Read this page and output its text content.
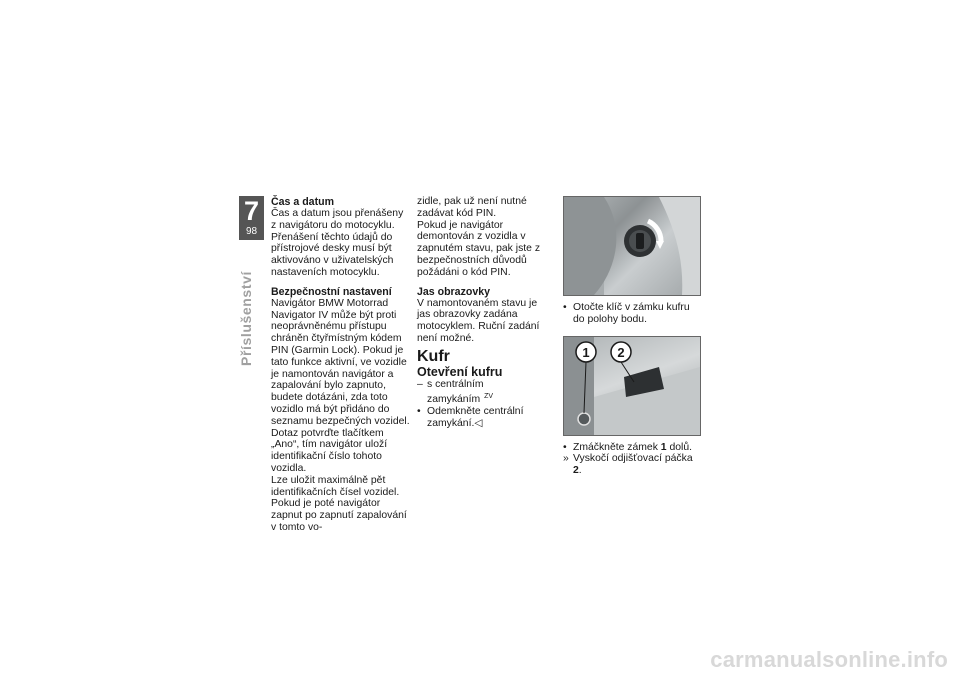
7
98
Příslušenství
Čas a datum

Čas a datum jsou přenášeny z navigátoru do motocyklu. Přenášení těchto údajů do přístrojové desky musí být aktivováno v uživatelských nastaveních motocyklu.

Bezpečnostní nastavení

Navigátor BMW Motorrad Navigator IV může být proti neoprávněnému přístupu chráněn čtyřmístným kódem PIN (Garmin Lock). Pokud je tato funkce aktivní, ve vozidle je namontován navigátor a zapalování bylo zapnuto, budete dotázáni, zda toto vozidlo má být přidáno do seznamu bezpečných vozidel. Dotaz potvrďte tlačítkem „Ano“, tím navigátor uloží identifikační číslo tohoto vozidla.

Lze uložit maximálně pět identifikačních čísel vozidel.

Pokud je poté navigátor zapnut po zapnutí zapalování v tomto vo-

zidle, pak už není nutné zadávat kód PIN.

Pokud je navigátor demontován z vozidla v zapnutém stavu, pak jste z bezpečnostních důvodů požádáni o kód PIN.

Jas obrazovky

V namontovaném stavu je jas obrazovky zadána motocyklem. Ruční zadání není možné.

Kufr
Otevření kufru
– s centrálním zamykáním $^{ZV}$
• Odemkněte centrální zamykání.◁
• Otočte klíč v zámku kufru do polohy bodu.
1 2
• Zmáčkněte zámek 1 dolů.
» Vyskočí odjišťovací páčka 2.
carmanualsonline.info
